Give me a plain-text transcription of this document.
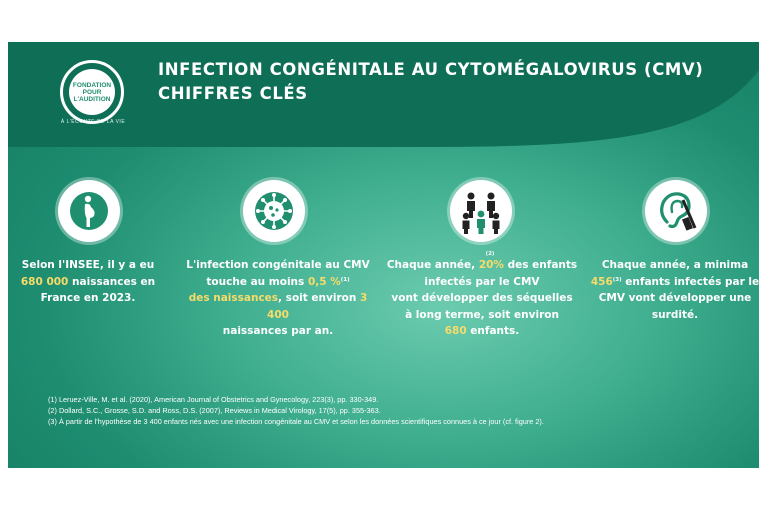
FONDATION
POUR
L'AUDITION
À L'ÉCOUTE DE LA VIE
INFECTION CONGÉNITALE AU CYTOMÉGALOVIRUS (CMV)
CHIFFRES CLÉS
Selon l'INSEE, il y a eu
680 000 naissances en
France en 2023.
L'infection congénitale au CMV
touche au moins 0,5 %$^{(1)}$
des naissances, soit environ 3 400
naissances par an.
$^{(2)}$
Chaque année, 20% des enfants
infectés par le CMV
vont développer des séquelles
à long terme, soit environ
680 enfants.
Chaque année, a minima
456$^{(3)}$ enfants infectés par le
CMV vont développer une
surdité.
(1) Leruez-Ville, M. et al. (2020), American Journal of Obstetrics and Gynecology, 223(3), pp. 330-349.
(2) Dollard, S.C., Grosse, S.D. and Ross, D.S. (2007), Reviews in Medical Virology, 17(5), pp. 355-363.
(3) À partir de l'hypothèse de 3 400 enfants nés avec une infection congénitale au CMV et selon les données scientifiques connues à ce jour (cf. figure 2).
